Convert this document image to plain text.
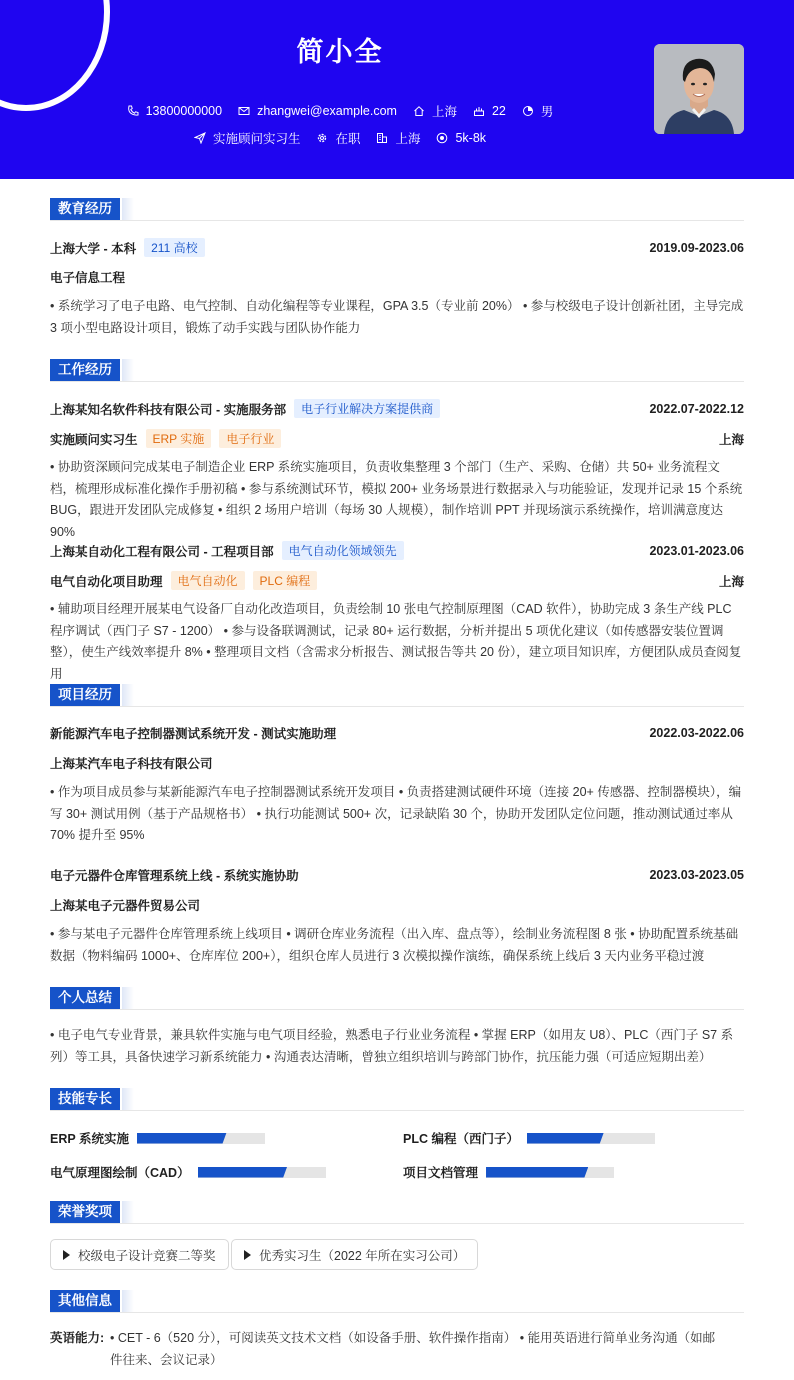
简小全
13800000000	zhangwei@example.com	上海	22	男
实施顾问实习生	在职	上海	5k-8k
教育经历
上海大学 - 本科	211 高校	2019.09-2023.06
电子信息工程
• 系统学习了电子电路、电气控制、自动化编程等专业课程，GPA 3.5（专业前 20%） • 参与校级电子设计创新社团，主导完成 3 项小型电路设计项目，锻炼了动手实践与团队协作能力
工作经历
上海某知名软件科技有限公司 - 实施服务部	电子行业解决方案提供商	2022.07-2022.12
实施顾问实习生	ERP 实施	电子行业	上海
• 协助资深顾问完成某电子制造企业 ERP 系统实施项目，负责收集整理 3 个部门（生产、采购、仓储）共 50+ 业务流程文档，梳理形成标准化操作手册初稿 • 参与系统测试环节，模拟 200+ 业务场景进行数据录入与功能验证，发现并记录 15 个系统 BUG，跟进开发团队完成修复 • 组织 2 场用户培训（每场 30 人规模），制作培训 PPT 并现场演示系统操作，培训满意度达 90%
上海某自动化工程有限公司 - 工程项目部	电气自动化领域领先	2023.01-2023.06
电气自动化项目助理	电气自动化	PLC 编程	上海
• 辅助项目经理开展某电气设备厂自动化改造项目，负责绘制 10 张电气控制原理图（CAD 软件），协助完成 3 条生产线 PLC 程序调试（西门子 S7 - 1200） • 参与设备联调测试，记录 80+ 运行数据，分析并提出 5 项优化建议（如传感器安装位置调整），使生产线效率提升 8% • 整理项目文档（含需求分析报告、测试报告等共 20 份），建立项目知识库，方便团队成员查阅复用
项目经历
新能源汽车电子控制器测试系统开发 - 测试实施助理	2022.03-2022.06
上海某汽车电子科技有限公司
• 作为项目成员参与某新能源汽车电子控制器测试系统开发项目 • 负责搭建测试硬件环境（连接 20+ 传感器、控制器模块），编写 30+ 测试用例（基于产品规格书） • 执行功能测试 500+ 次，记录缺陷 30 个，协助开发团队定位问题，推动测试通过率从 70% 提升至 95%
电子元器件仓库管理系统上线 - 系统实施协助	2023.03-2023.05
上海某电子元器件贸易公司
• 参与某电子元器件仓库管理系统上线项目 • 调研仓库业务流程（出入库、盘点等），绘制业务流程图 8 张 • 协助配置系统基础数据（物料编码 1000+、仓库库位 200+），组织仓库人员进行 3 次模拟操作演练，确保系统上线后 3 天内业务平稳过渡
个人总结
• 电子电气专业背景，兼具软件实施与电气项目经验，熟悉电子行业业务流程 • 掌握 ERP（如用友 U8）、PLC（西门子 S7 系列）等工具，具备快速学习新系统能力 • 沟通表达清晰，曾独立组织培训与跨部门协作，抗压能力强（可适应短期出差）
技能专长
ERP 系统实施	PLC 编程（西门子）
电气原理图绘制（CAD）	项目文档管理
荣誉奖项
校级电子设计竞赛二等奖	优秀实习生（2022 年所在实习公司）
其他信息
英语能力: • CET - 6（520 分），可阅读英文技术文档（如设备手册、软件操作指南） • 能用英语进行简单业务沟通（如邮件往来、会议记录）
